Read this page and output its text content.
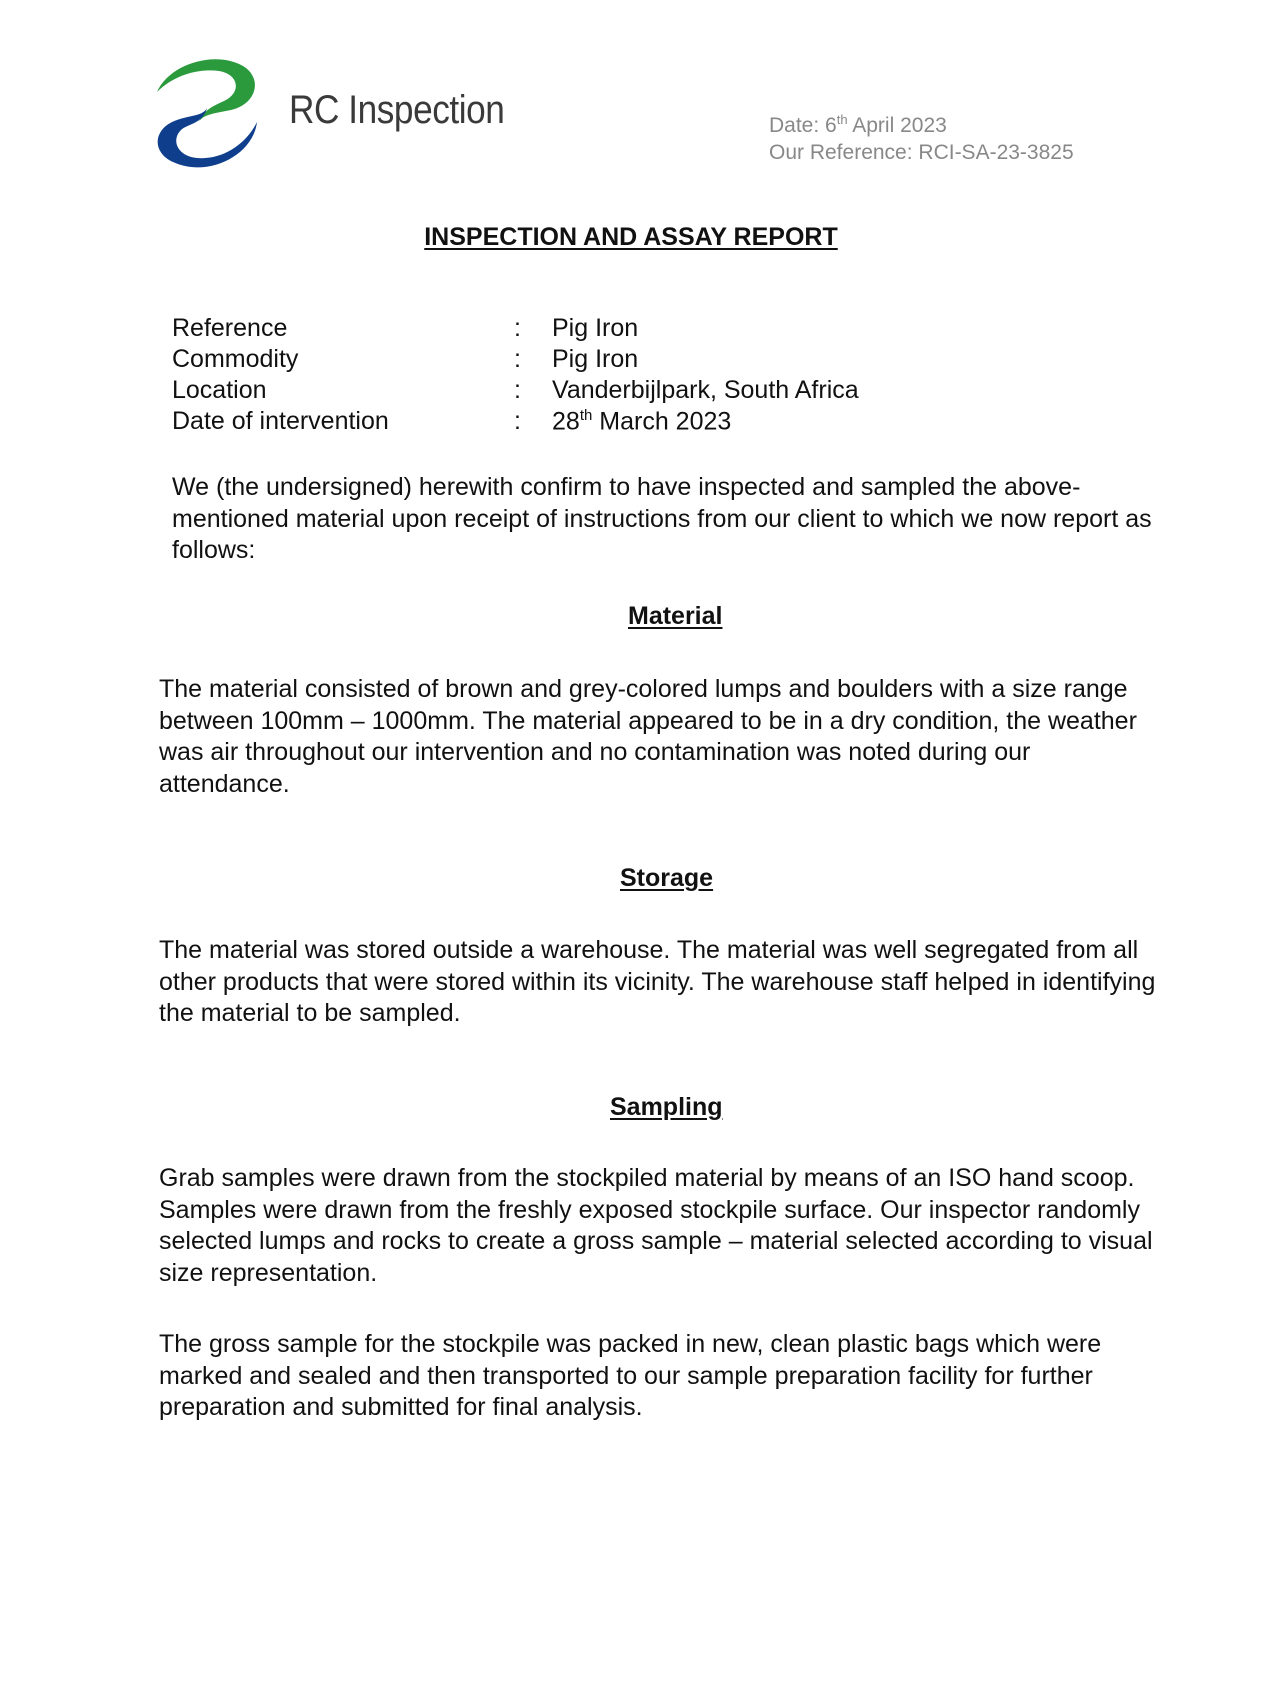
RC Inspection	Date: 6th April 2023
Our Reference: RCI-SA-23-3825
INSPECTION AND ASSAY REPORT
Reference	: Pig Iron
Commodity	: Pig Iron
Location	: Vanderbijlpark, South Africa
Date of intervention	: 28th March 2023

We (the undersigned) herewith confirm to have inspected and sampled the above-mentioned material upon receipt of instructions from our client to which we now report as follows:

Material

The material consisted of brown and grey-colored lumps and boulders with a size range between 100mm – 1000mm. The material appeared to be in a dry condition, the weather was air throughout our intervention and no contamination was noted during our attendance.

Storage

The material was stored outside a warehouse. The material was well segregated from all other products that were stored within its vicinity. The warehouse staff helped in identifying the material to be sampled.

Sampling

Grab samples were drawn from the stockpiled material by means of an ISO hand scoop. Samples were drawn from the freshly exposed stockpile surface. Our inspector randomly selected lumps and rocks to create a gross sample – material selected according to visual size representation.

The gross sample for the stockpile was packed in new, clean plastic bags which were marked and sealed and then transported to our sample preparation facility for further preparation and submitted for final analysis.
